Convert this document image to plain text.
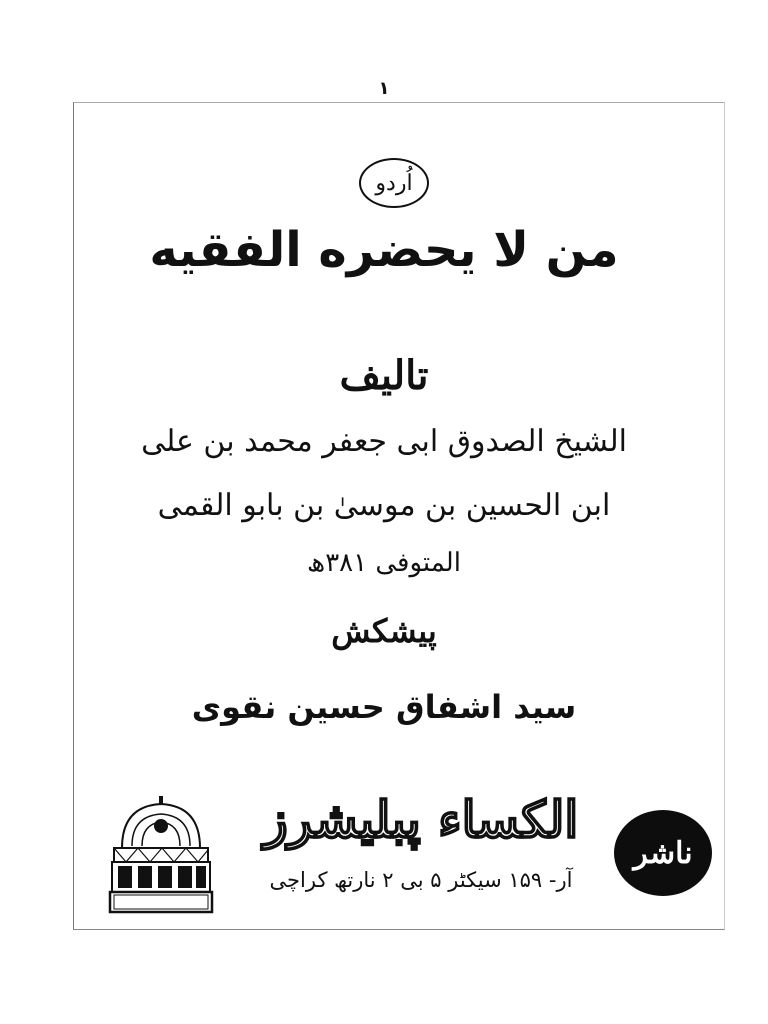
١
اُردو
من لا يحضره الفقيه
تالیف
الشیخ الصدوق ابی جعفر محمد بن علی
ابن الحسین بن موسیٰ بن بابو القمی
المتوفی ۳۸۱ھ
پیشکش
سید اشفاق حسین نقوی
الکساء پبلیشرز
آر- ۱۵۹ سیکٹر ۵ بی ۲ نارتھ کراچی
ناشر
